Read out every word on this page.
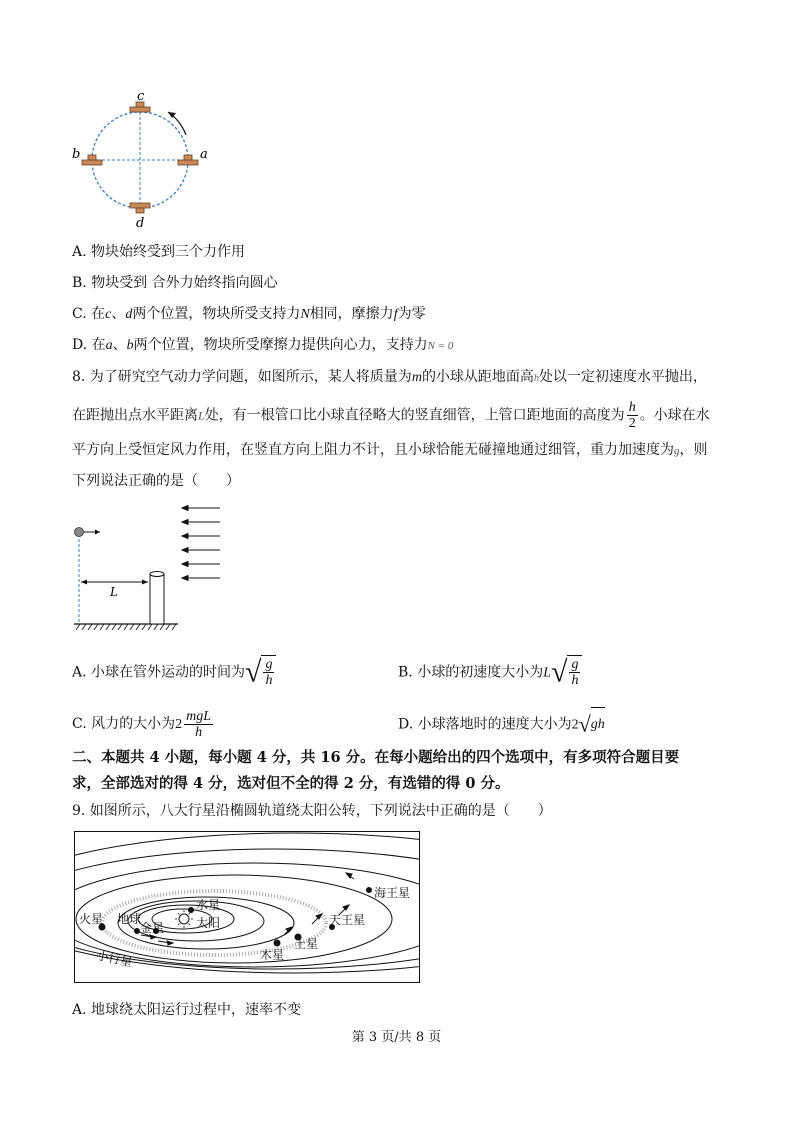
c
b	a
d
A. 物块始终受到三个力作用
B. 物块受到 合外力始终指向圆心
C. 在c、d两个位置，物块所受支持力N相同，摩擦力f为零
D. 在a、b两个位置，物块所受摩擦力提供向心力，支持力N = 0
8. 为了研究空气动力学问题，如图所示，某人将质量为m的小球从距地面高h处以一定初速度水平抛出，
在距抛出点水平距离L处，有一根管口比小球直径略大的竖直细管，上管口距地面的高度为 $\frac{h}{2}$ 。小球在水
平方向上受恒定风力作用，在竖直方向上阻力不计，且小球恰能无碰撞地通过细管，重力加速度为g，则
下列说法正确的是（　　）
L
A. 小球在管外运动的时间为√ $\frac{g}{h}$	B. 小球的初速度大小为$L√ \frac{g}{h}$
C. 风力的大小为$2 \frac{\text{mgL}}{h}$	D. 小球落地时的速度大小为2√gh
二、本题共 4 小题，每小题 4 分，共 16 分。在每小题给出的四个选项中，有多项符合题目要
求，全部选对的得 4 分，选对但不全的得 2 分，有选错的得 0 分。
9. 如图所示，八大行星沿椭圆轨道绕太阳公转，下列说法中正确的是（　　）
火星 地球
金星
水星
太阳
木星
土星
天王星
海王星
小行星
A. 地球绕太阳运行过程中，速率不变
第 3 页/共 8 页
